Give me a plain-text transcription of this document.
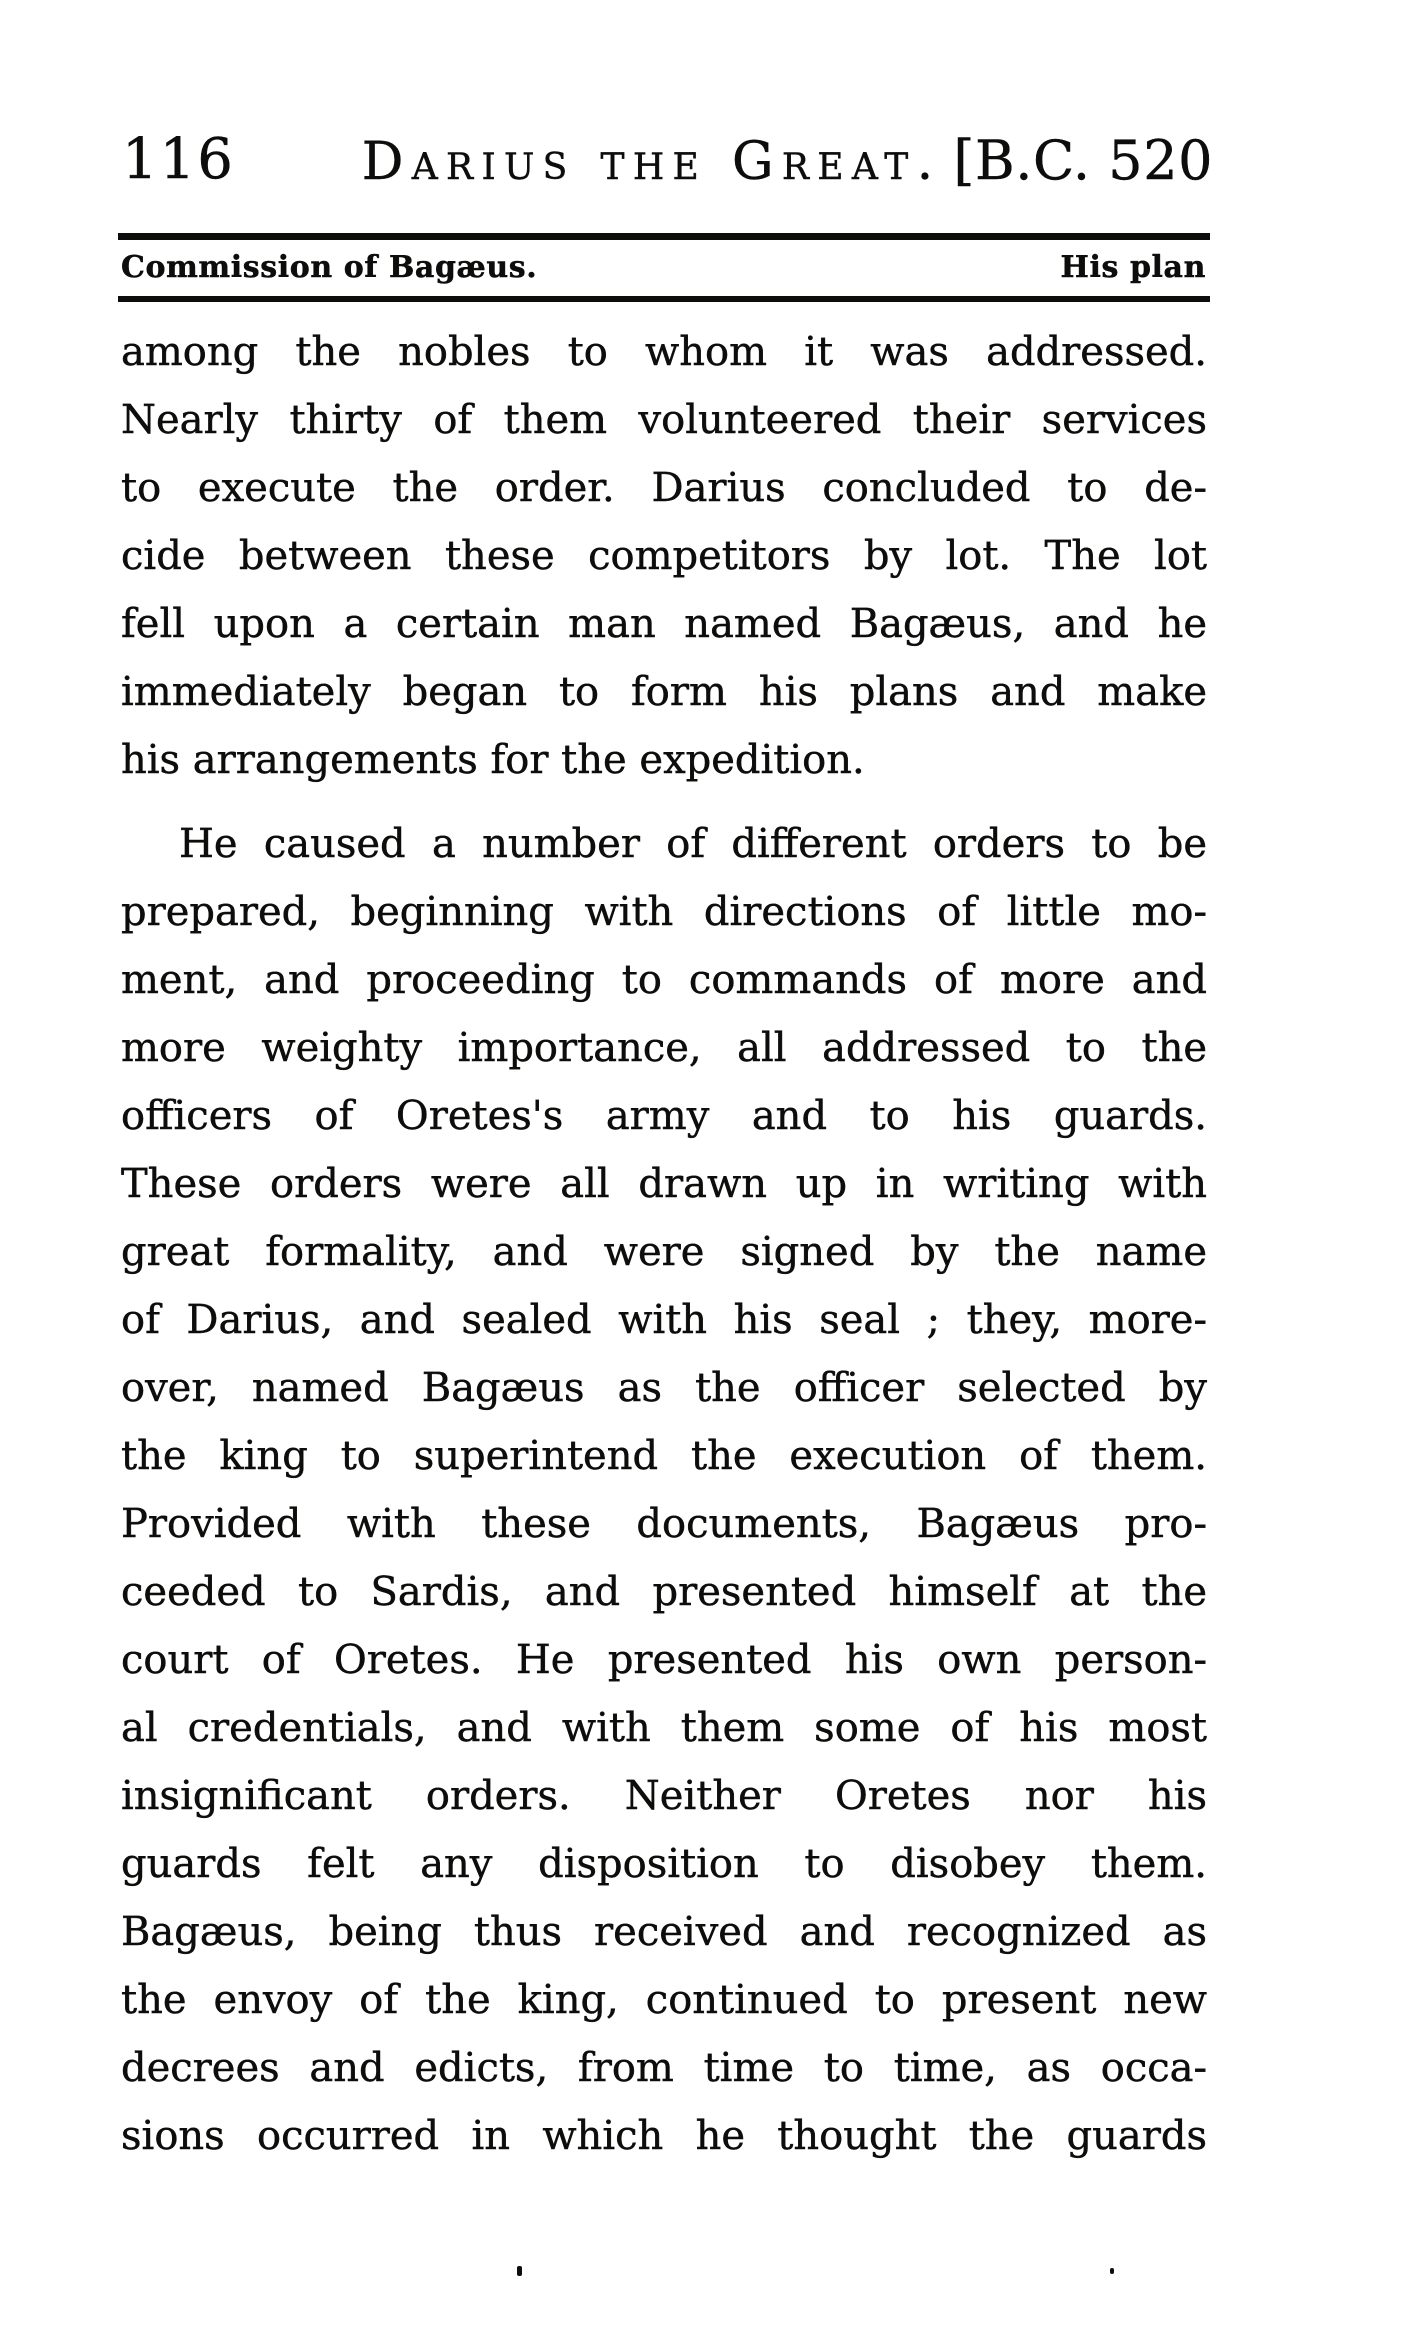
116 Darius the Great. [B.C. 520
Commission of Bagæus.	His plan
among the nobles to whom it was addressed.
Nearly thirty of them volunteered their services
to execute the order. Darius concluded to de-
cide between these competitors by lot. The lot
fell upon a certain man named Bagæus, and he
immediately began to form his plans and make
his arrangements for the expedition.
He caused a number of different orders to be
prepared, beginning with directions of little mo-
ment, and proceeding to commands of more and
more weighty importance, all addressed to the
officers of Oretes's army and to his guards.
These orders were all drawn up in writing with
great formality, and were signed by the name
of Darius, and sealed with his seal ; they, more-
over, named Bagæus as the officer selected by
the king to superintend the execution of them.
Provided with these documents, Bagæus pro-
ceeded to Sardis, and presented himself at the
court of Oretes. He presented his own person-
al credentials, and with them some of his most
insignificant orders. Neither Oretes nor his
guards felt any disposition to disobey them.
Bagæus, being thus received and recognized as
the envoy of the king, continued to present new
decrees and edicts, from time to time, as occa-
sions occurred in which he thought the guards
